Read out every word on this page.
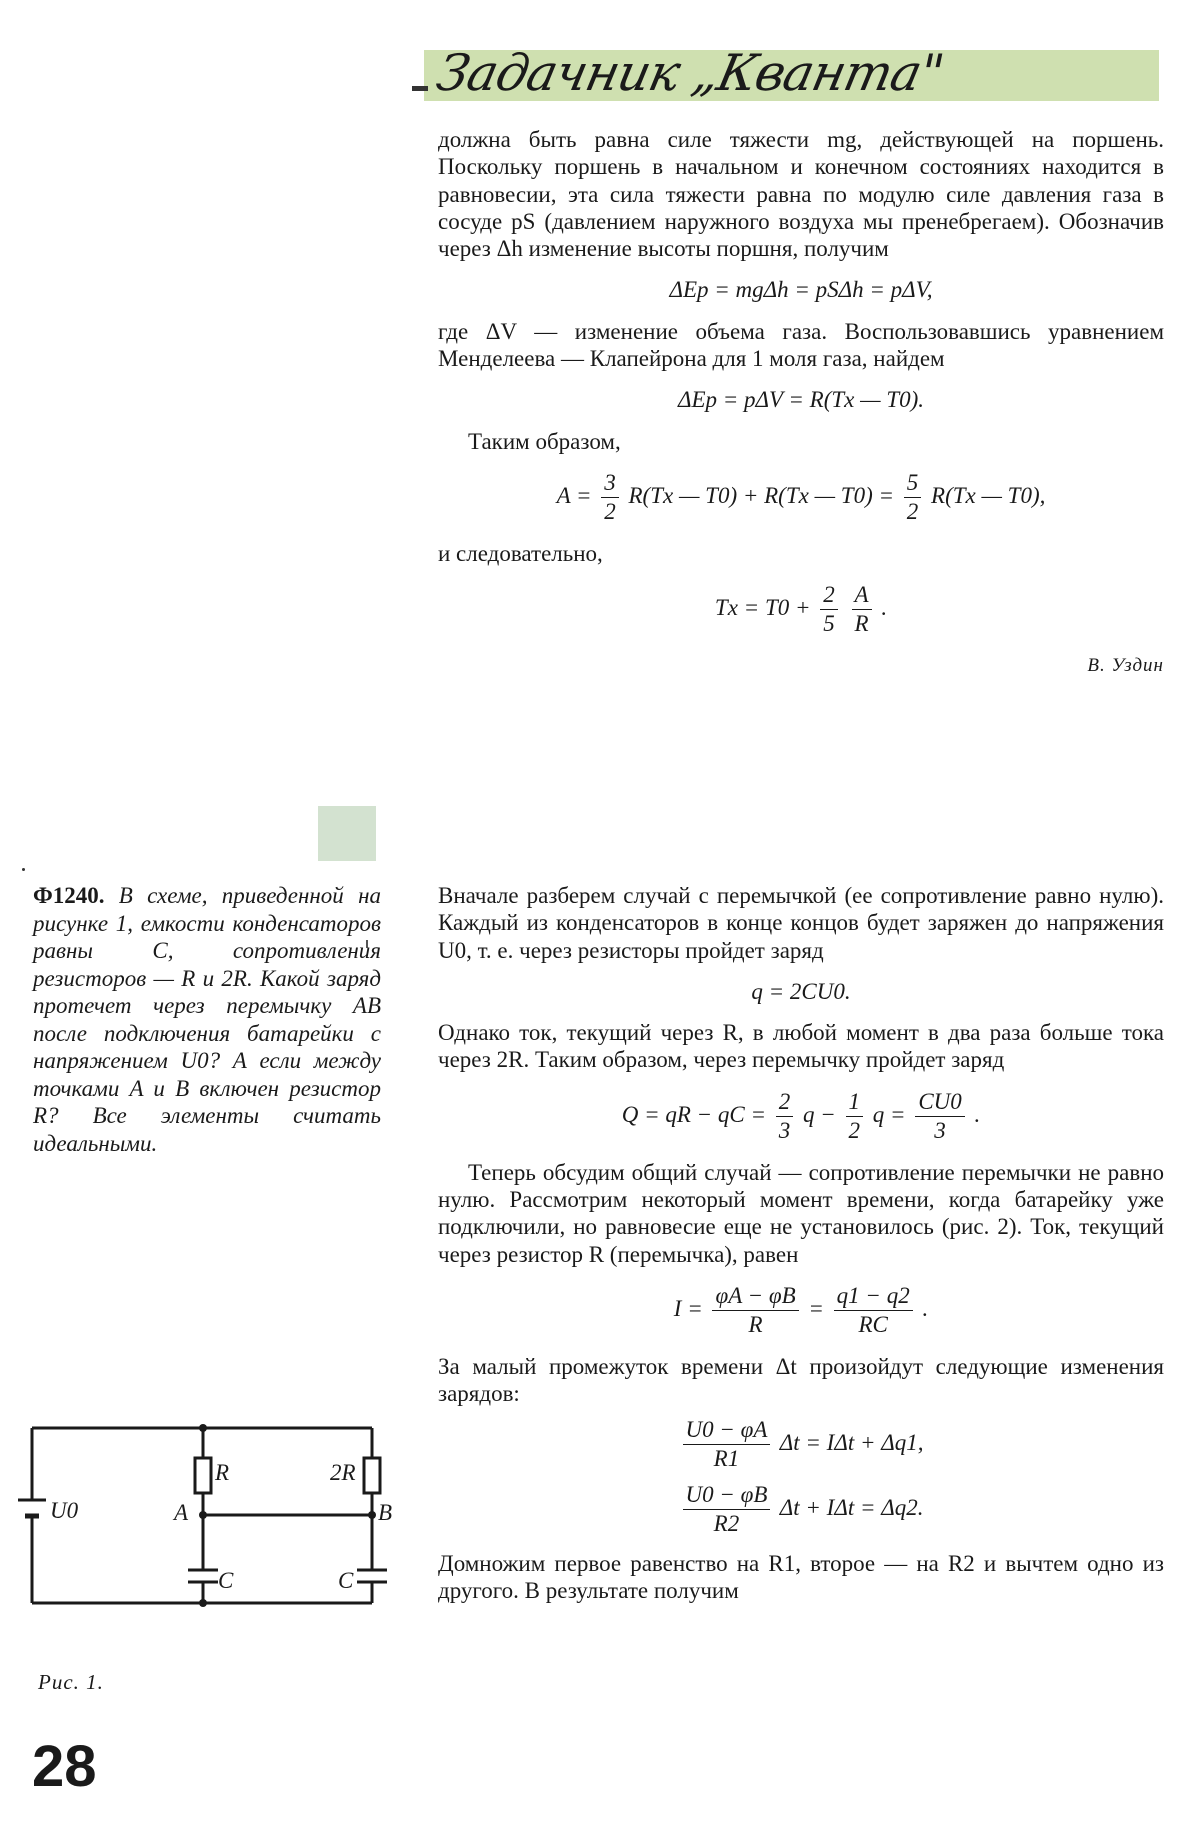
Задачник „Кванта"

должна быть равна силе тяжести mg, действующей на поршень. Поскольку поршень в начальном и конечном состояниях находится в равновесии, эта сила тяжести равна по модулю силе давления газа в сосуде pS (давлением наружного воздуха мы пренебрегаем). Обозначив через Δh изменение высоты поршня, получим

ΔEp = mgΔh = pSΔh = pΔV,

где ΔV — изменение объема газа. Воспользовавшись уравнением Менделеева — Клапейрона для 1 моля газа, найдем

ΔEp = pΔV = R(Tx — T0).

Таким образом,

$A = \frac{3}{2} R(Tx$ — T0) + R(Tx — $T0) = \frac{5}{2} R(Tx$ — T0),

и следовательно,

$Tx = T0 + \frac{2}{5}$
$\frac{A}{R}$ .
В. Уздин
Ф1240. В схеме, приведенной на рисунке 1, емкости конденсаторов равны C, сопротивления резисторов — R и 2R. Какой заряд протечет через перемычку AB после подключения батарейки с напряжением U0? А если между точками A и B включен резистор R? Все элементы считать идеальными.

Вначале разберем случай с перемычкой (ее сопротивление равно нулю). Каждый из конденсаторов в конце концов будет заряжен до напряжения U0, т. е. через резисторы пройдет заряд

q = 2CU0.

Однако ток, текущий через R, в любой момент в два раза больше тока через 2R. Таким образом, через перемычку пройдет заряд

Q = qR − qC = $\frac{2}{3}$ $q - \frac{1}{2}$ $q = \frac{CU0}{3}$ .

Теперь обсудим общий случай — сопротивление перемычки не равно нулю. Рассмотрим некоторый момент времени, когда батарейку уже подключили, но равновесие еще не установилось (рис. 2). Ток, текущий через резистор R (перемычка), равен

$I = \frac{\varphi A - \varphi B}{R} = \frac{q1 - q2}{RC}$ .

За малый промежуток времени Δt произойдут следующие изменения зарядов:

$\frac{U0 - \varphi A}{R1}$ Δt = IΔt + Δq1,
$\frac{U0 - \varphi B}{R2}$ Δt + IΔt = Δq2.

Домножим первое равенство на R1, второе — на R2 и вычтем одно из другого. В результате получим

U0
R	2R
A	B
C	C
Рис. 1.
28
